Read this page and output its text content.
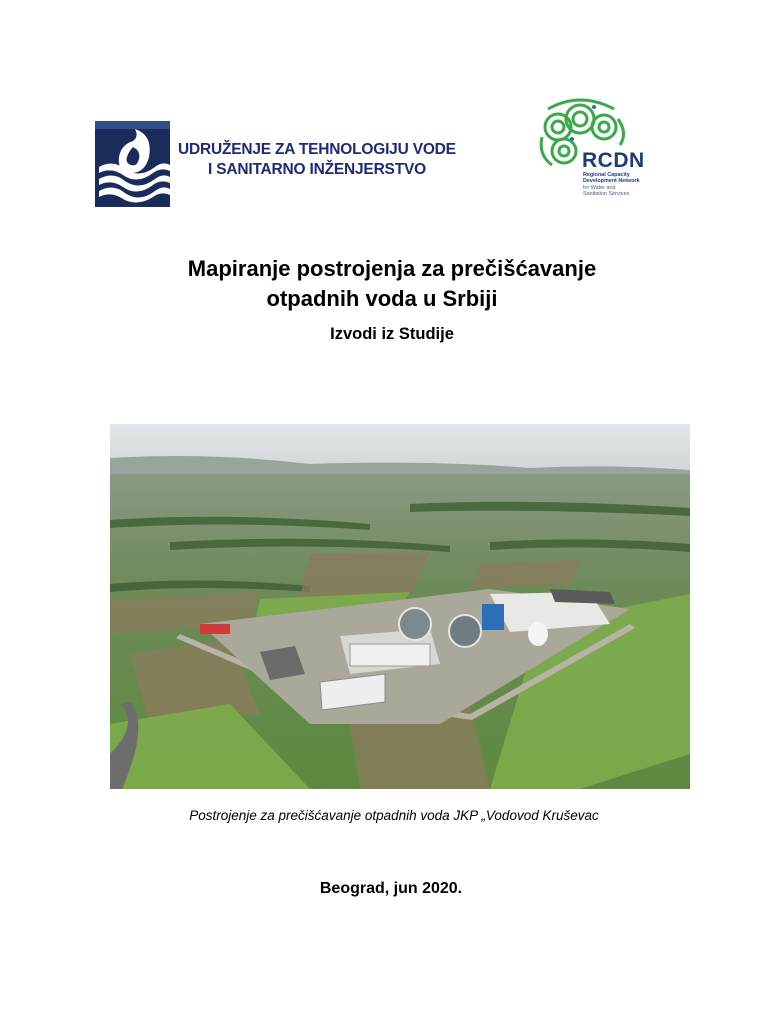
UDRUŽENJE ZA TEHNOLOGIJU VODE
I SANITARNO INŽENJERSTVO	RCDN
Regional Capacity
Development Network
for Water and
Sanitation Services
Mapiranje postrojenja za prečišćavanje
otpadnih voda u Srbiji
Izvodi iz Studije
Postrojenje za prečišćavanje otpadnih voda JKP „Vodovod Kruševac
Beograd, jun 2020.
